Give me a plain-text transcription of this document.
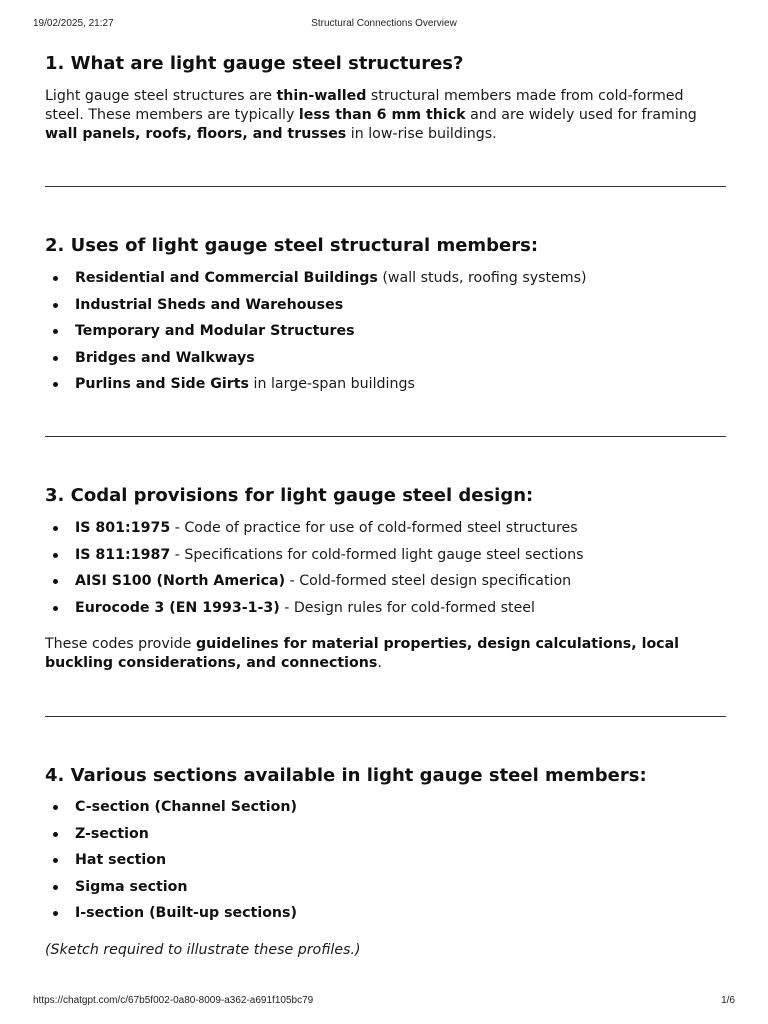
19/02/2025, 21:27	Structural Connections Overview
1. What are light gauge steel structures?

Light gauge steel structures are thin-walled structural members made from cold-formed steel. These members are typically less than 6 mm thick and are widely used for framing wall panels, roofs, floors, and trusses in low-rise buildings.

2. Uses of light gauge steel structural members:
Residential and Commercial Buildings (wall studs, roofing systems)
Industrial Sheds and Warehouses
Temporary and Modular Structures
Bridges and Walkways
Purlins and Side Girts in large-span buildings
3. Codal provisions for light gauge steel design:
IS 801:1975 - Code of practice for use of cold-formed steel structures
IS 811:1987 - Specifications for cold-formed light gauge steel sections
AISI S100 (North America) - Cold-formed steel design specification
Eurocode 3 (EN 1993-1-3) - Design rules for cold-formed steel

These codes provide guidelines for material properties, design calculations, local buckling considerations, and connections.

4. Various sections available in light gauge steel members:
C-section (Channel Section)
Z-section
Hat section
Sigma section
I-section (Built-up sections)

(Sketch required to illustrate these profiles.)

https://chatgpt.com/c/67b5f002-0a80-8009-a362-a691f105bc79	1/6
